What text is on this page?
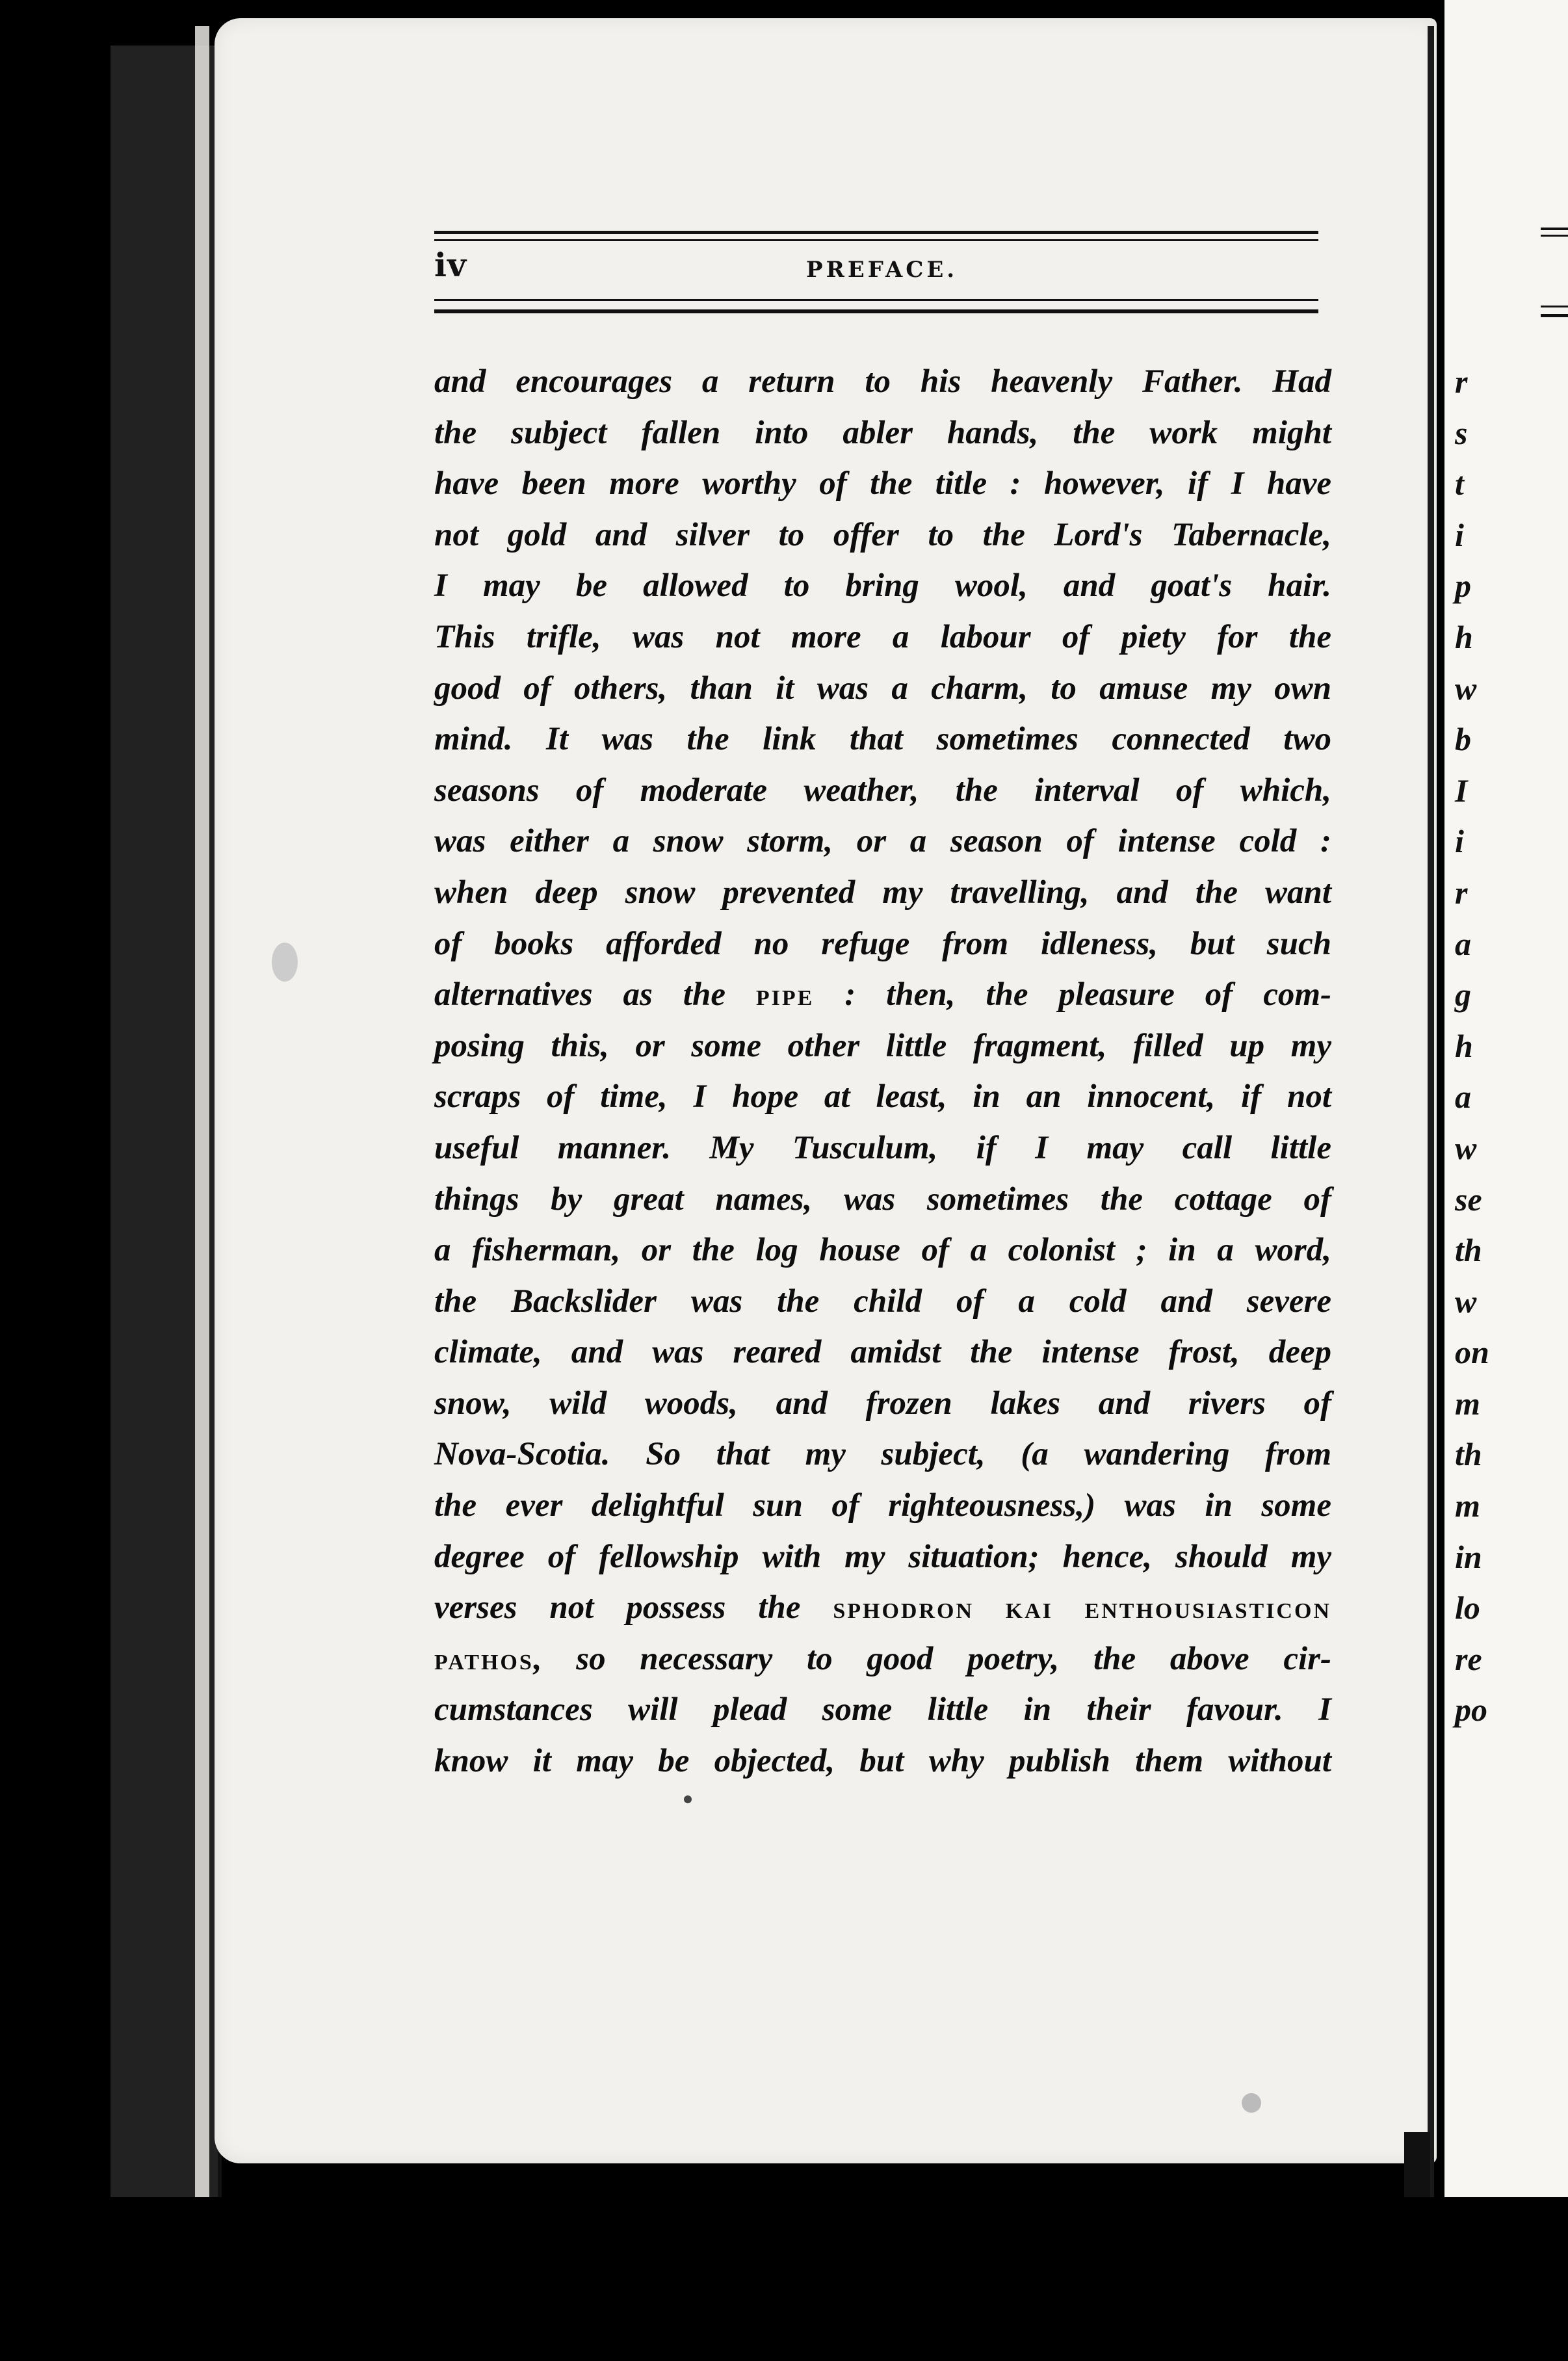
iv	PREFACE.
and encourages a return to his heavenly Father. Had
the subject fallen into abler hands, the work might
have been more worthy of the title : however, if I have
not gold and silver to offer to the Lord's Tabernacle,
I may be allowed to bring wool, and goat's hair.
This trifle, was not more a labour of piety for the
good of others, than it was a charm, to amuse my own
mind. It was the link that sometimes connected two
seasons of moderate weather, the interval of which,
was either a snow storm, or a season of intense cold :
when deep snow prevented my travelling, and the want
of books afforded no refuge from idleness, but such
alternatives as the PIPE : then, the pleasure of com-
posing this, or some other little fragment, filled up my
scraps of time, I hope at least, in an innocent, if not
useful manner. My Tusculum, if I may call little
things by great names, was sometimes the cottage of
a fisherman, or the log house of a colonist ; in a word,
the Backslider was the child of a cold and severe
climate, and was reared amidst the intense frost, deep
snow, wild woods, and frozen lakes and rivers of
Nova-Scotia. So that my subject, (a wandering from
the ever delightful sun of righteousness,) was in some
degree of fellowship with my situation; hence, should my
verses not possess the SPHODRON KAI ENTHOUSIASTICON
PATHOS, so necessary to good poetry, the above cir-
cumstances will plead some little in their favour. I
know it may be objected, but why publish them without
r
s
t
i
p
h
w
b
I
i
r
a
g
h
a
w
se
th
w
on
m
th
m
in
lo
re
po
